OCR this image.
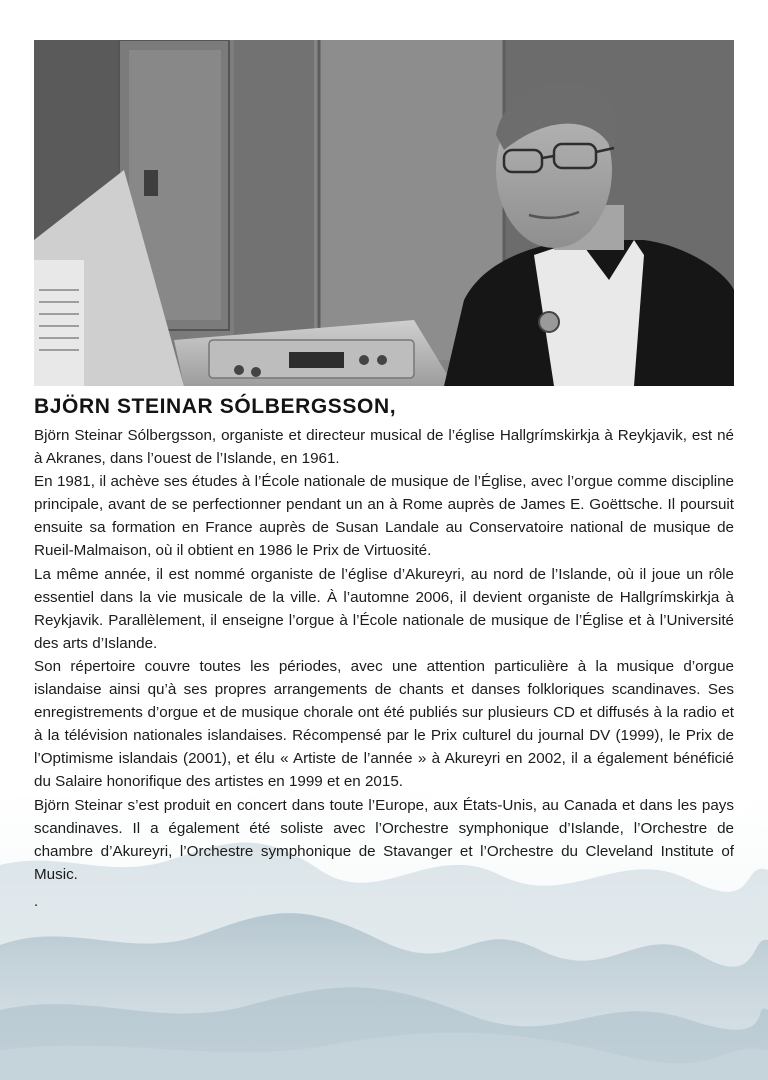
BJÖRN STEINAR SÓLBERGSSON,

Björn Steinar Sólbergsson, organiste et directeur musical de l’église Hallgrímskirkja à Reykjavik, est né à Akranes, dans l’ouest de l’Islande, en 1961.

En 1981, il achève ses études à l’École nationale de musique de l’Église, avec l’orgue comme discipline principale, avant de se perfectionner pendant un an à Rome auprès de James E. Goëttsche. Il poursuit ensuite sa formation en France auprès de Susan Landale au Conservatoire national de musique de Rueil-Malmaison, où il obtient en 1986 le Prix de Virtuosité.

La même année, il est nommé organiste de l’église d’Akureyri, au nord de l’Islande, où il joue un rôle essentiel dans la vie musicale de la ville. À l’automne 2006, il devient organiste de Hallgrímskirkja à Reykjavik. Parallèlement, il enseigne l’orgue à l’École nationale de musique de l’Église et à l’Université des arts d’Islande.

Son répertoire couvre toutes les périodes, avec une attention particulière à la musique d’orgue islandaise ainsi qu’à ses propres arrangements de chants et danses folkloriques scandinaves. Ses enregistrements d’orgue et de musique chorale ont été publiés sur plusieurs CD et diffusés à la radio et à la télévision nationales islandaises. Récompensé par le Prix culturel du journal DV (1999), le Prix de l’Optimisme islandais (2001), et élu « Artiste de l’année » à Akureyri en 2002, il a également bénéficié du Salaire honorifique des artistes en 1999 et en 2015.

Björn Steinar s’est produit en concert dans toute l’Europe, aux États-Unis, au Canada et dans les pays scandinaves. Il a également été soliste avec l’Orchestre symphonique d’Islande, l’Orchestre de chambre d’Akureyri, l’Orchestre symphonique de Stavanger et l’Orchestre du Cleveland Institute of Music.

.
